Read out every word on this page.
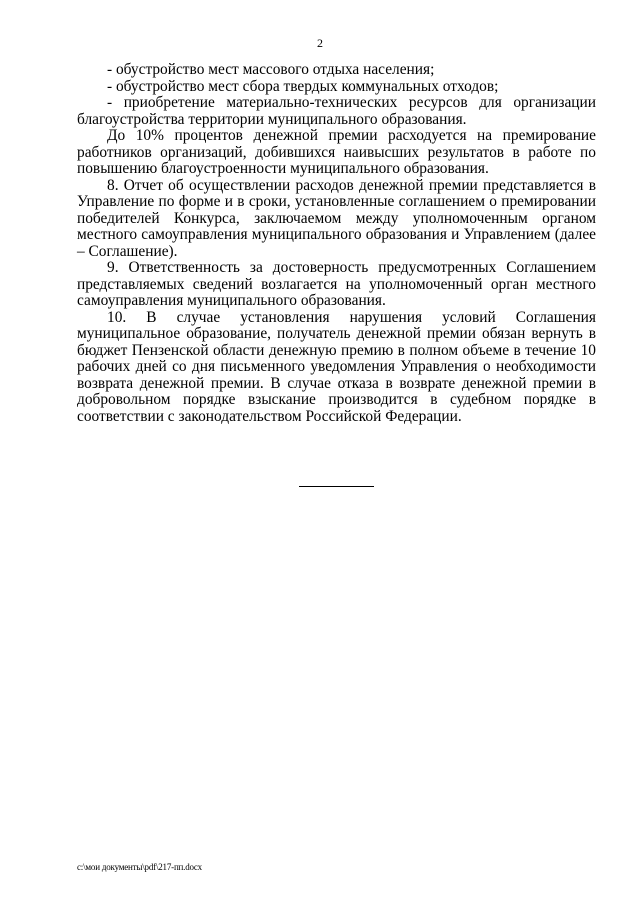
2

- обустройство мест массового отдыха населения;

- обустройство мест сбора твердых коммунальных отходов;

- приобретение материально-технических ресурсов для организации благоустройства территории муниципального образования.

До 10% процентов денежной премии расходуется на премирование работников организаций, добившихся наивысших результатов в работе по повышению благоустроенности муниципального образования.

8. Отчет об осуществлении расходов денежной премии представляется в Управление по форме и в сроки, установленные соглашением о премировании победителей Конкурса, заключаемом между уполномоченным органом местного самоуправления муниципального образования и Управлением (далее – Соглашение).

9. Ответственность за достоверность предусмотренных Соглашением представляемых сведений возлагается на уполномоченный орган местного самоуправления муниципального образования.

10. В случае установления нарушения условий Соглашения муниципальное образование, получатель денежной премии обязан вернуть в бюджет Пензенской области денежную премию в полном объеме в течение 10 рабочих дней со дня письменного уведомления Управления о необходимости возврата денежной премии. В случае отказа в возврате денежной премии в добровольном порядке взыскание производится в судебном порядке в соответствии с законодательством Российской Федерации.

c:\мои документы\pdf\217-пп.docx
